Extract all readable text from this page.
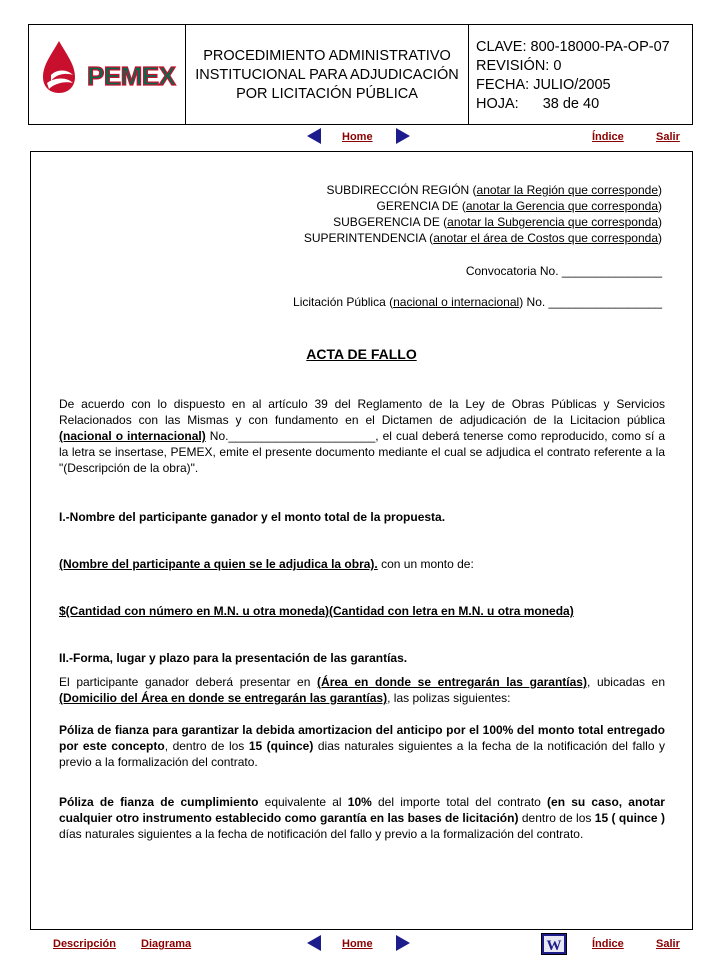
PEMEX
PROCEDIMIENTO ADMINISTRATIVO INSTITUCIONAL PARA ADJUDICACIÓN POR LICITACIÓN PÚBLICA
CLAVE: 800-18000-PA-OP-07
REVISIÓN: 0
FECHA: JULIO/2005
HOJA: 38 de 40
Home	Índice	Salir
SUBDIRECCIÓN REGIÓN (anotar la Región que corresponde)
GERENCIA DE (anotar la Gerencia que corresponda)
SUBGERENCIA DE (anotar la Subgerencia que corresponda)
SUPERINTENDENCIA (anotar el área de Costos que corresponda)
Convocatoria No. _______________
Licitación Pública (nacional o internacional) No. _________________
ACTA DE FALLO
De acuerdo con lo dispuesto en al artículo 39 del Reglamento de la Ley de Obras Públicas y Servicios Relacionados con las Mismas y con fundamento en el Dictamen de adjudicación de la Licitacion pública (nacional o internacional) No.______________________, el cual deberá tenerse como reproducido, como sí a la letra se insertase, PEMEX, emite el presente documento mediante el cual se adjudica el contrato referente a la "(Descripción de la obra)".
I.-Nombre del participante ganador y el monto total de la propuesta.
(Nombre del participante a quien se le adjudica la obra). con un monto de:
$(Cantidad con número en M.N. u otra moneda)(Cantidad con letra en M.N. u otra moneda)
II.-Forma, lugar y plazo para la presentación de las garantías.
El participante ganador deberá presentar en (Área en donde se entregarán las garantías), ubicadas en (Domicilio del Área en donde se entregarán las garantías), las polizas siguientes:
Póliza de fianza para garantizar la debida amortizacion del anticipo por el 100% del monto total entregado por este concepto, dentro de los 15 (quince) dias naturales siguientes a la fecha de la notificación del fallo y previo a la formalización del contrato.
Póliza de fianza de cumplimiento equivalente al 10% del importe total del contrato (en su caso, anotar cualquier otro instrumento establecido como garantía en las bases de licitación) dentro de los 15 ( quince ) días naturales siguientes a la fecha de notificación del fallo y previo a la formalización del contrato.
Descripción Diagrama	Home	W	Índice	Salir
